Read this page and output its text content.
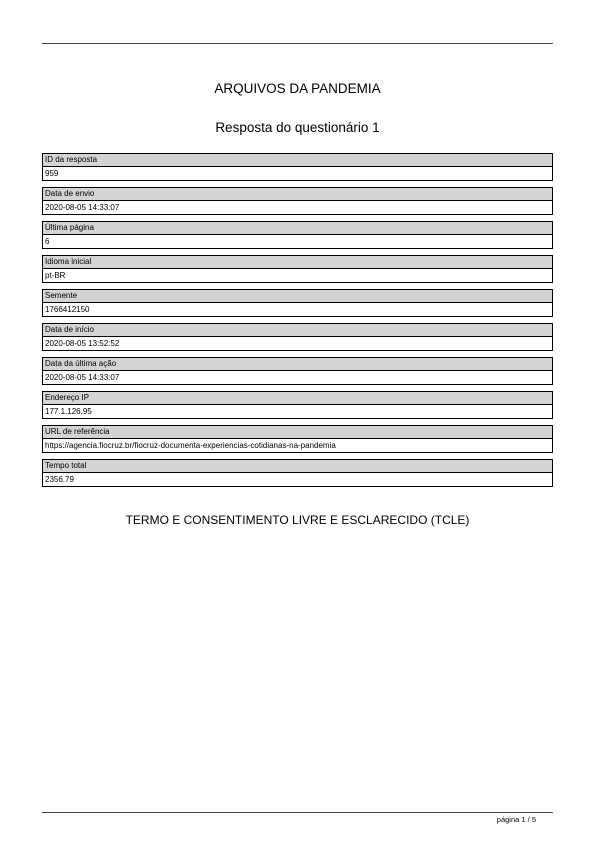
ARQUIVOS DA PANDEMIA
Resposta do questionário 1
ID da resposta
959
Data de envio
2020-08-05 14:33:07
Última página
6
Idioma inicial
pt-BR
Semente
1766412150
Data de início
2020-08-05 13:52:52
Data da última ação
2020-08-05 14:33:07
Endereço IP
177.1.126.95
URL de referência
https://agencia.fiocruz.br/fiocruz-documenta-experiencias-cotidianas-na-pandemia
Tempo total
2356.79
TERMO E CONSENTIMENTO LIVRE E ESCLARECIDO (TCLE)
página 1 / 5
